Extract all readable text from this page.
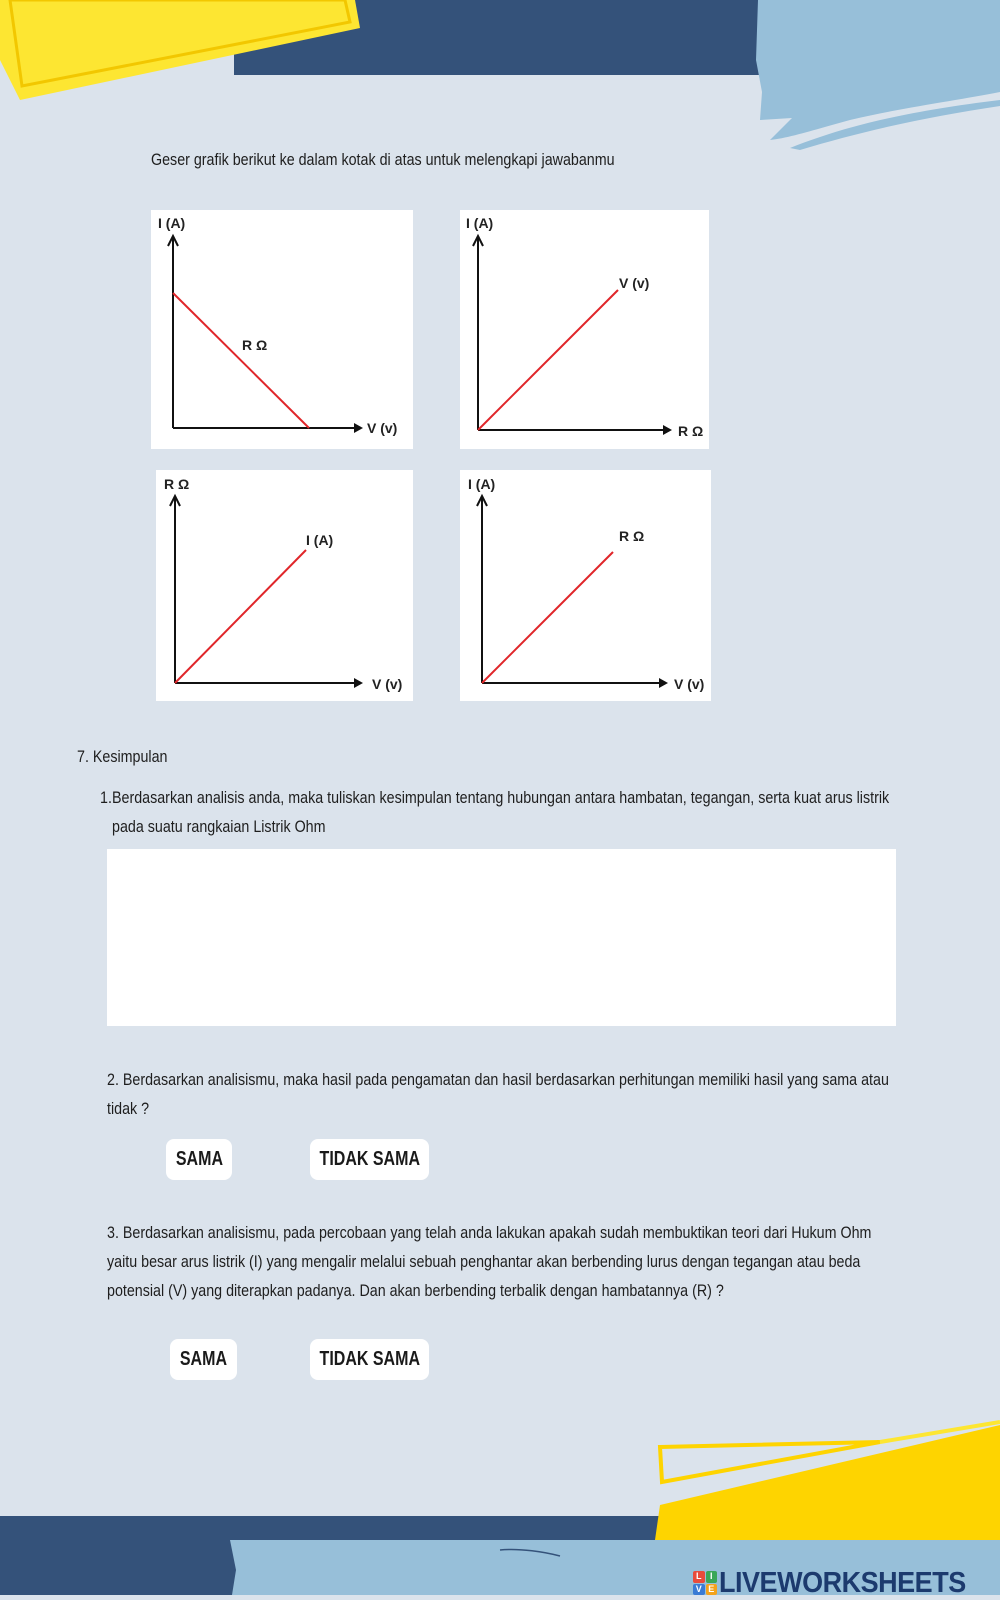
Geser grafik berikut ke dalam kotak di atas untuk melengkapi jawabanmu
I (A)
V (v)
R Ω
I (A)
R Ω
V (v)
R Ω
V (v)
I (A)
I (A)
V (v)
R Ω
7. Kesimpulan
1. Berdasarkan analisis anda, maka tuliskan kesimpulan tentang hubungan antara hambatan, tegangan, serta kuat arus listrik pada suatu rangkaian Listrik Ohm
2. Berdasarkan analisismu, maka hasil pada pengamatan dan hasil berdasarkan perhitungan memiliki hasil yang sama atau tidak ?
SAMA	TIDAK SAMA
3. Berdasarkan analisismu, pada percobaan yang telah anda lakukan apakah sudah membuktikan teori dari Hukum Ohm yaitu besar arus listrik (I) yang mengalir melalui sebuah penghantar akan berbending lurus dengan tegangan atau beda potensial (V) yang diterapkan padanya. Dan akan berbending terbalik dengan hambatannya (R) ?
SAMA	TIDAK SAMA
L I
V E LIVEWORKSHEETS
